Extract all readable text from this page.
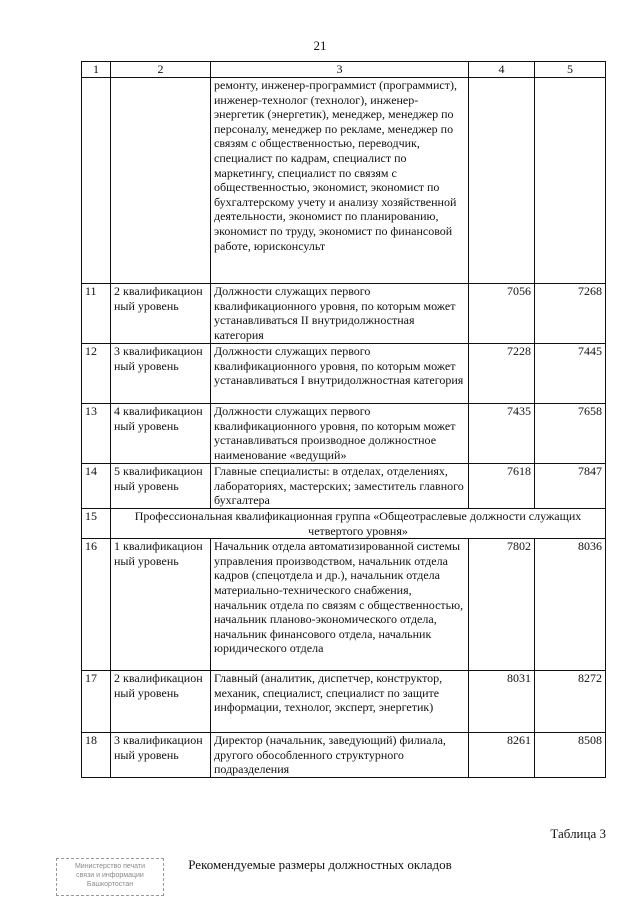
21
1	2	3	4	5
		ремонту, инженер-программист (программист), инженер-технолог (технолог), инженер-энергетик (энергетик), менеджер, менеджер по персоналу, менеджер по рекламе, менеджер по связям с общественностью, переводчик, специалист по кадрам, специалист по маркетингу, специалист по связям с общественностью, экономист, экономист по бухгалтерскому учету и анализу хозяйственной деятельности, экономист по планированию, экономист по труду, экономист по финансовой работе, юрисконсульт		
11	2 квалификацион ный уровень	Должности служащих первого квалификационного уровня, по которым может устанавливаться II внутридолжностная категория	7056	7268
12	3 квалификацион ный уровень	Должности служащих первого квалификационного уровня, по которым может устанавливаться I внутридолжностная категория	7228	7445
13	4 квалификацион ный уровень	Должности служащих первого квалификационного уровня, по которым может устанавливаться производное должностное наименование «ведущий»	7435	7658
14	5 квалификацион ный уровень	Главные специалисты: в отделах, отделениях, лабораториях, мастерских; заместитель главного бухгалтера	7618	7847
15	Профессиональная квалификационная группа «Общеотраслевые должности служащих четвертого уровня»			
16	1 квалификацион ный уровень	Начальник отдела автоматизированной системы управления производством, начальник отдела кадров (спецотдела и др.), начальник отдела материально-технического снабжения, начальник отдела по связям с общественностью, начальник планово-экономического отдела, начальник финансового отдела, начальник юридического отдела	7802	8036
17	2 квалификацион ный уровень	Главный (аналитик, диспетчер, конструктор, механик, специалист, специалист по защите информации, технолог, эксперт, энергетик)	8031	8272
18	3 квалификацион ный уровень	Директор (начальник, заведующий) филиала, другого обособленного структурного подразделения	8261	8508
Таблица 3
Рекомендуемые размеры должностных окладов
Министерство печати
связи и информации
Башкортостан
